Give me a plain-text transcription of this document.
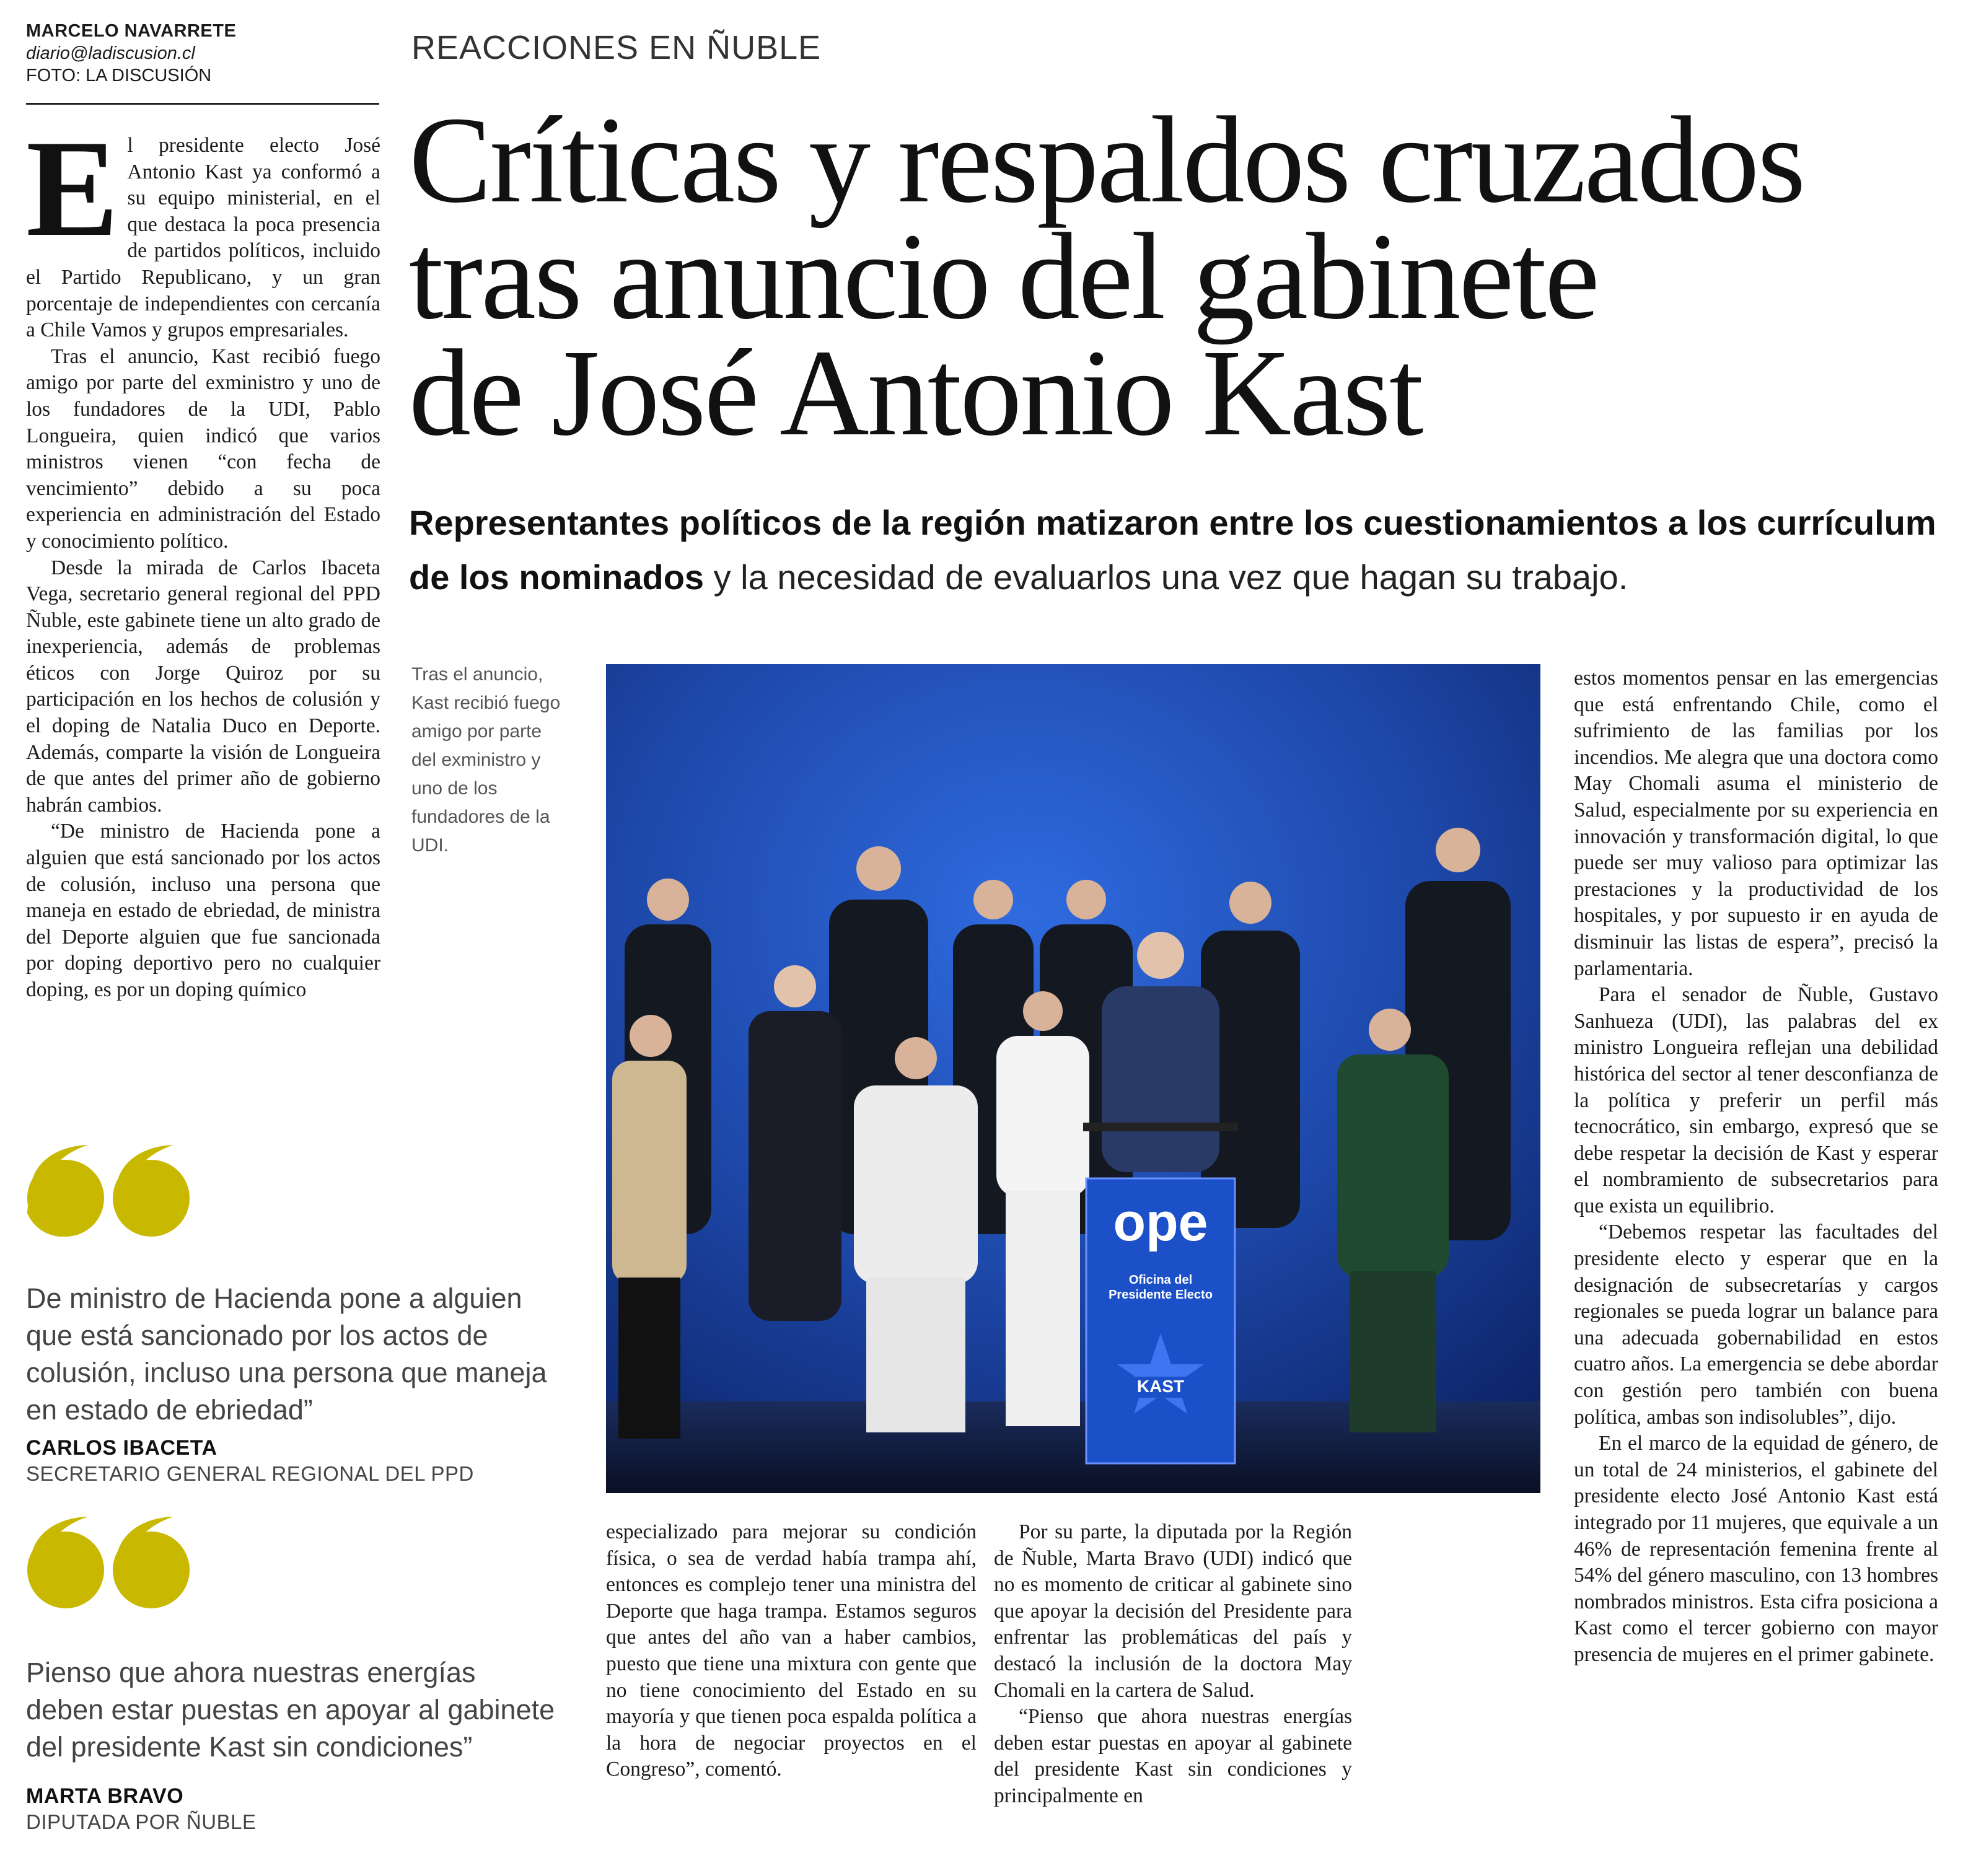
MARCELO NAVARRETE
diario@ladiscusion.cl
FOTO: LA DISCUSIÓN
REACCIONES EN ÑUBLE
Críticas y respaldos cruzados
tras anuncio del gabinete
de José Antonio Kast
Representantes políticos de la región matizaron entre los cuestionamientos a los currículum de los nominados y la necesidad de evaluarlos una vez que hagan su trabajo.

El presidente electo José Antonio Kast ya conformó a su equipo ministerial, en el que destaca la poca presencia de partidos políticos, incluido el Partido Republicano, y un gran porcentaje de independientes con cercanía a Chile Vamos y grupos empresariales.

Tras el anuncio, Kast recibió fuego amigo por parte del exministro y uno de los fundadores de la UDI, Pablo Longueira, quien indicó que varios ministros vienen “con fecha de vencimiento” debido a su poca experiencia en administración del Estado y conocimiento político.

Desde la mirada de Carlos Ibaceta Vega, secretario general regional del PPD Ñuble, este gabinete tiene un alto grado de inexperiencia, además de problemas éticos con Jorge Quiroz por su participación en los hechos de colusión y el doping de Natalia Duco en Deporte. Además, comparte la visión de Longueira de que antes del primer año de gobierno habrán cambios.

“De ministro de Hacienda pone a alguien que está sancionado por los actos de colusión, incluso una persona que maneja en estado de ebriedad, de ministra del Deporte alguien que fue sancionada por doping deportivo pero no cualquier doping, es por un doping químico

De ministro de Hacienda pone a alguien que está sancionado por los actos de colusión, incluso una persona que maneja en estado de ebriedad”
CARLOS IBACETA
SECRETARIO GENERAL REGIONAL DEL PPD
Pienso que ahora nuestras energías deben estar puestas en apoyar al gabinete del presidente Kast sin condiciones”
MARTA BRAVO
DIPUTADA POR ÑUBLE
Tras el anuncio, Kast recibió fuego amigo por parte del exministro y uno de los fundadores de la UDI.
ope
Oficina del
Presidente Electo
KAST

especializado para mejorar su condición física, o sea de verdad había trampa ahí, entonces es complejo tener una ministra del Deporte que haga trampa. Estamos seguros que antes del año van a haber cambios, puesto que tiene una mixtura con gente que no tiene conocimiento del Estado en su mayoría y que tienen poca espalda política a la hora de negociar proyectos en el Congreso”, comentó.

Por su parte, la diputada por la Región de Ñuble, Marta Bravo (UDI) indicó que no es momento de criticar al gabinete sino que apoyar la decisión del Presidente para enfrentar las problemáticas del país y destacó la inclusión de la doctora May Chomali en la cartera de Salud.

“Pienso que ahora nuestras energías deben estar puestas en apoyar al gabinete del presidente Kast sin condiciones y principalmente en

estos momentos pensar en las emergencias que está enfrentando Chile, como el sufrimiento de las familias por los incendios. Me alegra que una doctora como May Chomali asuma el ministerio de Salud, especialmente por su experiencia en innovación y transformación digital, lo que puede ser muy valioso para optimizar las prestaciones y la productividad de los hospitales, y por supuesto ir en ayuda de disminuir las listas de espera”, precisó la parlamentaria.

Para el senador de Ñuble, Gustavo Sanhueza (UDI), las palabras del ex ministro Longueira reflejan una debilidad histórica del sector al tener desconfianza de la política y preferir un perfil más tecnocrático, sin embargo, expresó que se debe respetar la decisión de Kast y esperar el nombramiento de subsecretarios para que exista un equilibrio.

“Debemos respetar las facultades del presidente electo y esperar que en la designación de subsecretarías y cargos regionales se pueda lograr un balance para una adecuada gobernabilidad en estos cuatro años. La emergencia se debe abordar con gestión pero también con buena política, ambas son indisolubles”, dijo.

En el marco de la equidad de género, de un total de 24 ministerios, el gabinete del presidente electo José Antonio Kast está integrado por 11 mujeres, que equivale a un 46% de representación femenina frente al 54% del género masculino, con 13 hombres nombrados ministros. Esta cifra posiciona a Kast como el tercer gobierno con mayor presencia de mujeres en el primer gabinete.
